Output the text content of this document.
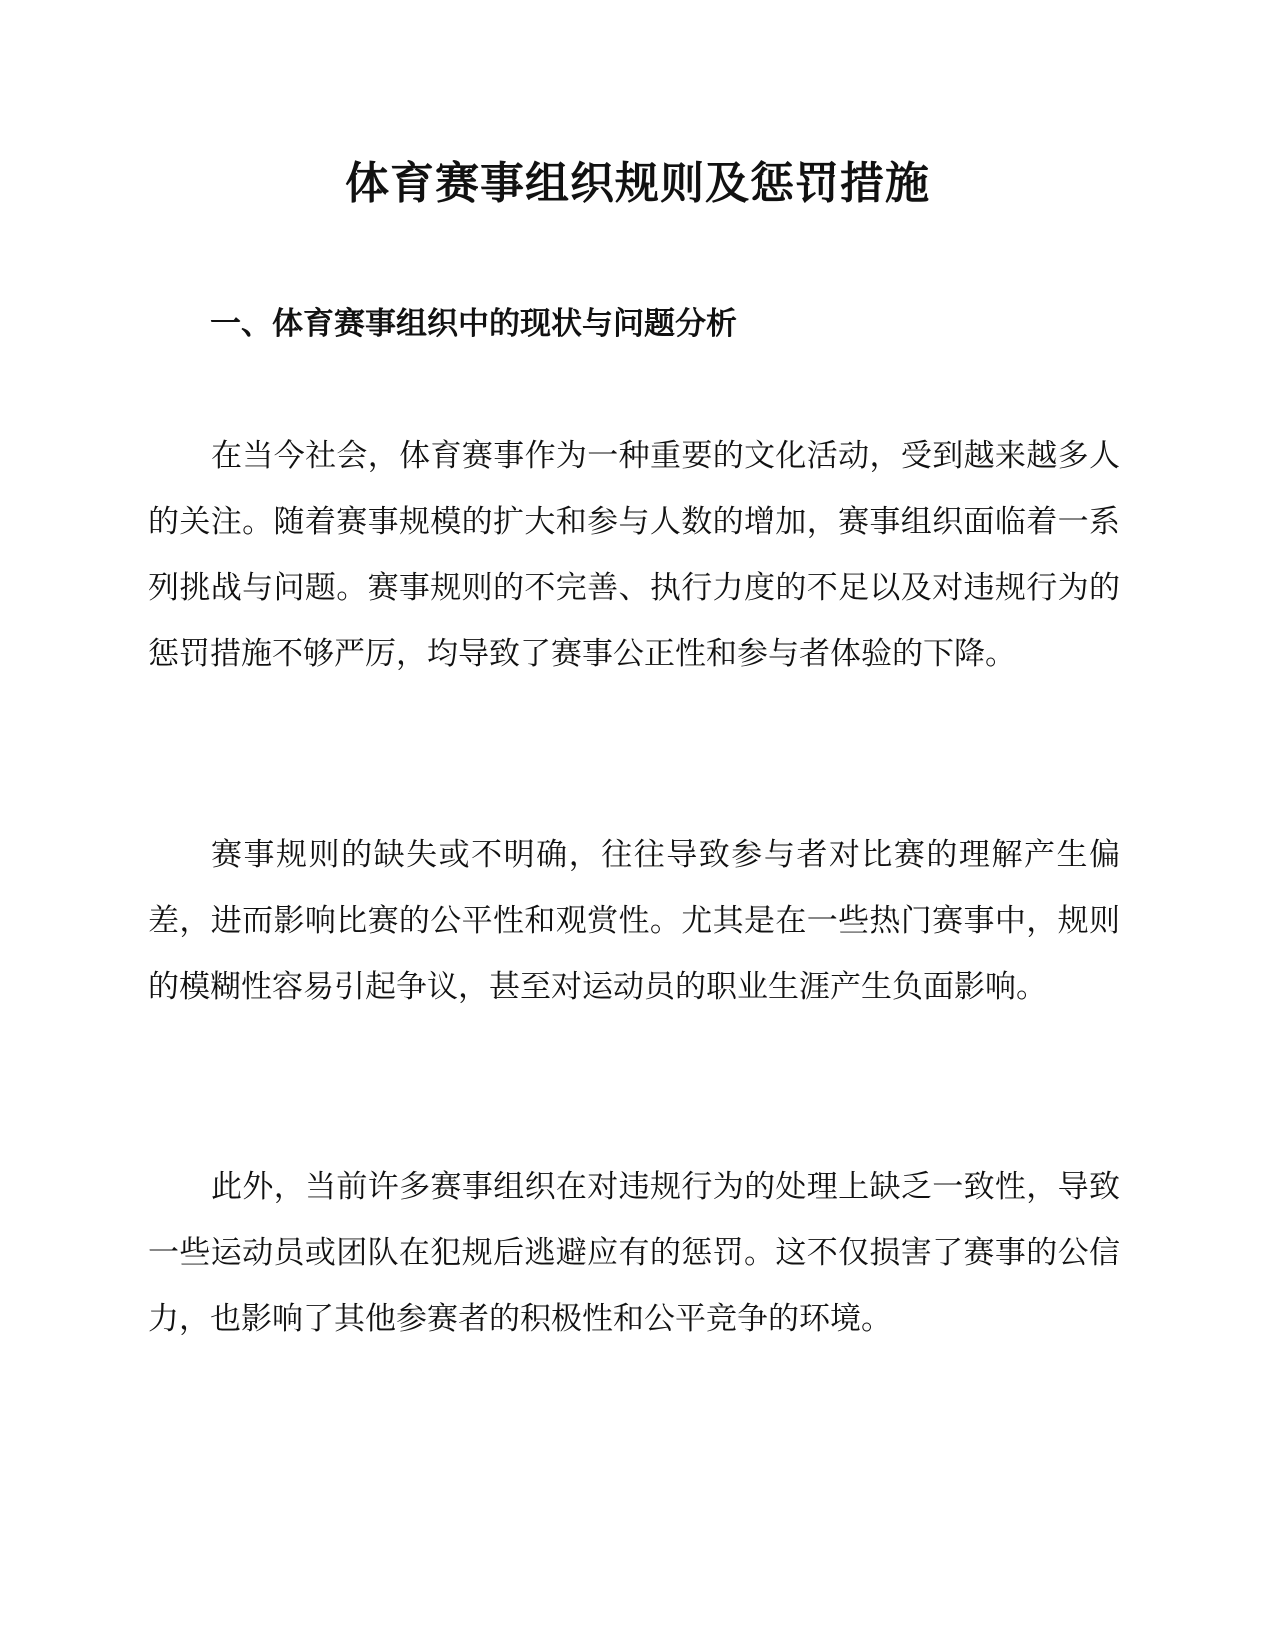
体育赛事组织规则及惩罚措施
一、体育赛事组织中的现状与问题分析

在当今社会，体育赛事作为一种重要的文化活动，受到越来越多人的关注。随着赛事规模的扩大和参与人数的增加，赛事组织面临着一系列挑战与问题。赛事规则的不完善、执行力度的不足以及对违规行为的惩罚措施不够严厉，均导致了赛事公正性和参与者体验的下降。

赛事规则的缺失或不明确，往往导致参与者对比赛的理解产生偏差，进而影响比赛的公平性和观赏性。尤其是在一些热门赛事中，规则的模糊性容易引起争议，甚至对运动员的职业生涯产生负面影响。

此外，当前许多赛事组织在对违规行为的处理上缺乏一致性，导致一些运动员或团队在犯规后逃避应有的惩罚。这不仅损害了赛事的公信力，也影响了其他参赛者的积极性和公平竞争的环境。
